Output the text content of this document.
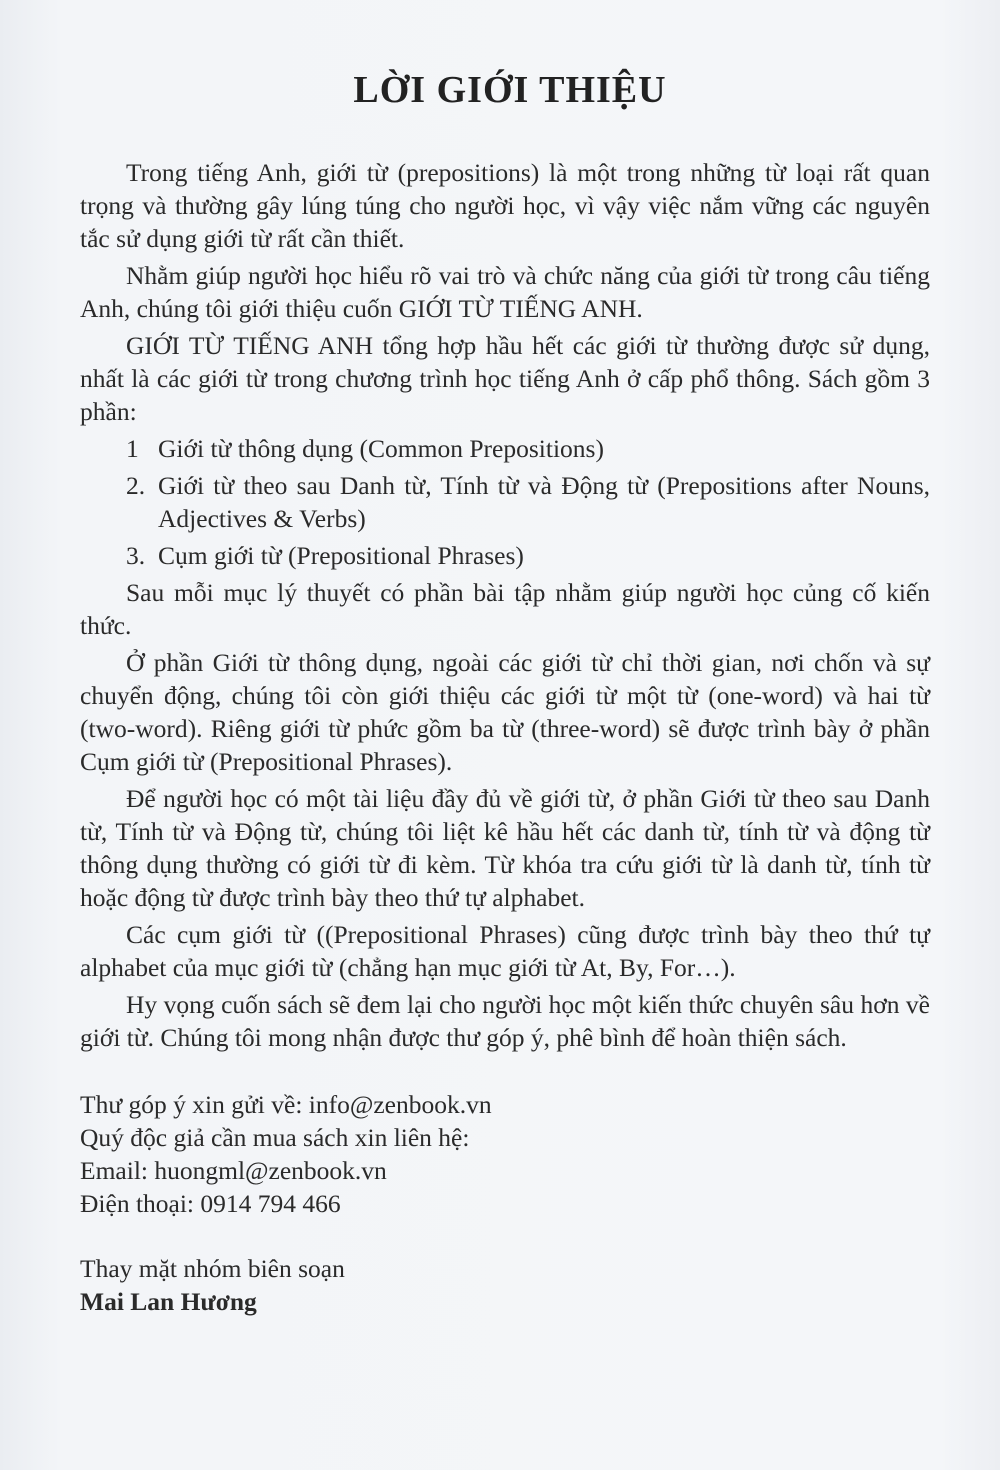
LỜI GIỚI THIỆU

Trong tiếng Anh, giới từ (prepositions) là một trong những từ loại rất quan trọng và thường gây lúng túng cho người học, vì vậy việc nắm vững các nguyên tắc sử dụng giới từ rất cần thiết.

Nhằm giúp người học hiểu rõ vai trò và chức năng của giới từ trong câu tiếng Anh, chúng tôi giới thiệu cuốn GIỚI TỪ TIẾNG ANH.

GIỚI TỪ TIẾNG ANH tổng hợp hầu hết các giới từ thường được sử dụng, nhất là các giới từ trong chương trình học tiếng Anh ở cấp phổ thông. Sách gồm 3 phần:

1 Giới từ thông dụng (Common Prepositions)
2. Giới từ theo sau Danh từ, Tính từ và Động từ (Prepositions after Nouns, Adjectives & Verbs)
3. Cụm giới từ (Prepositional Phrases)

Sau mỗi mục lý thuyết có phần bài tập nhằm giúp người học củng cố kiến thức.

Ở phần Giới từ thông dụng, ngoài các giới từ chỉ thời gian, nơi chốn và sự chuyển động, chúng tôi còn giới thiệu các giới từ một từ (one-word) và hai từ (two-word). Riêng giới từ phức gồm ba từ (three-word) sẽ được trình bày ở phần Cụm giới từ (Prepositional Phrases).

Để người học có một tài liệu đầy đủ về giới từ, ở phần Giới từ theo sau Danh từ, Tính từ và Động từ, chúng tôi liệt kê hầu hết các danh từ, tính từ và động từ thông dụng thường có giới từ đi kèm. Từ khóa tra cứu giới từ là danh từ, tính từ hoặc động từ được trình bày theo thứ tự alphabet.

Các cụm giới từ ((Prepositional Phrases) cũng được trình bày theo thứ tự alphabet của mục giới từ (chẳng hạn mục giới từ At, By, For…).

Hy vọng cuốn sách sẽ đem lại cho người học một kiến thức chuyên sâu hơn về giới từ. Chúng tôi mong nhận được thư góp ý, phê bình để hoàn thiện sách.

Thư góp ý xin gửi về: info@zenbook.vn
Quý độc giả cần mua sách xin liên hệ:
Email: huongml@zenbook.vn
Điện thoại: 0914 794 466
Thay mặt nhóm biên soạn
Mai Lan Hương
